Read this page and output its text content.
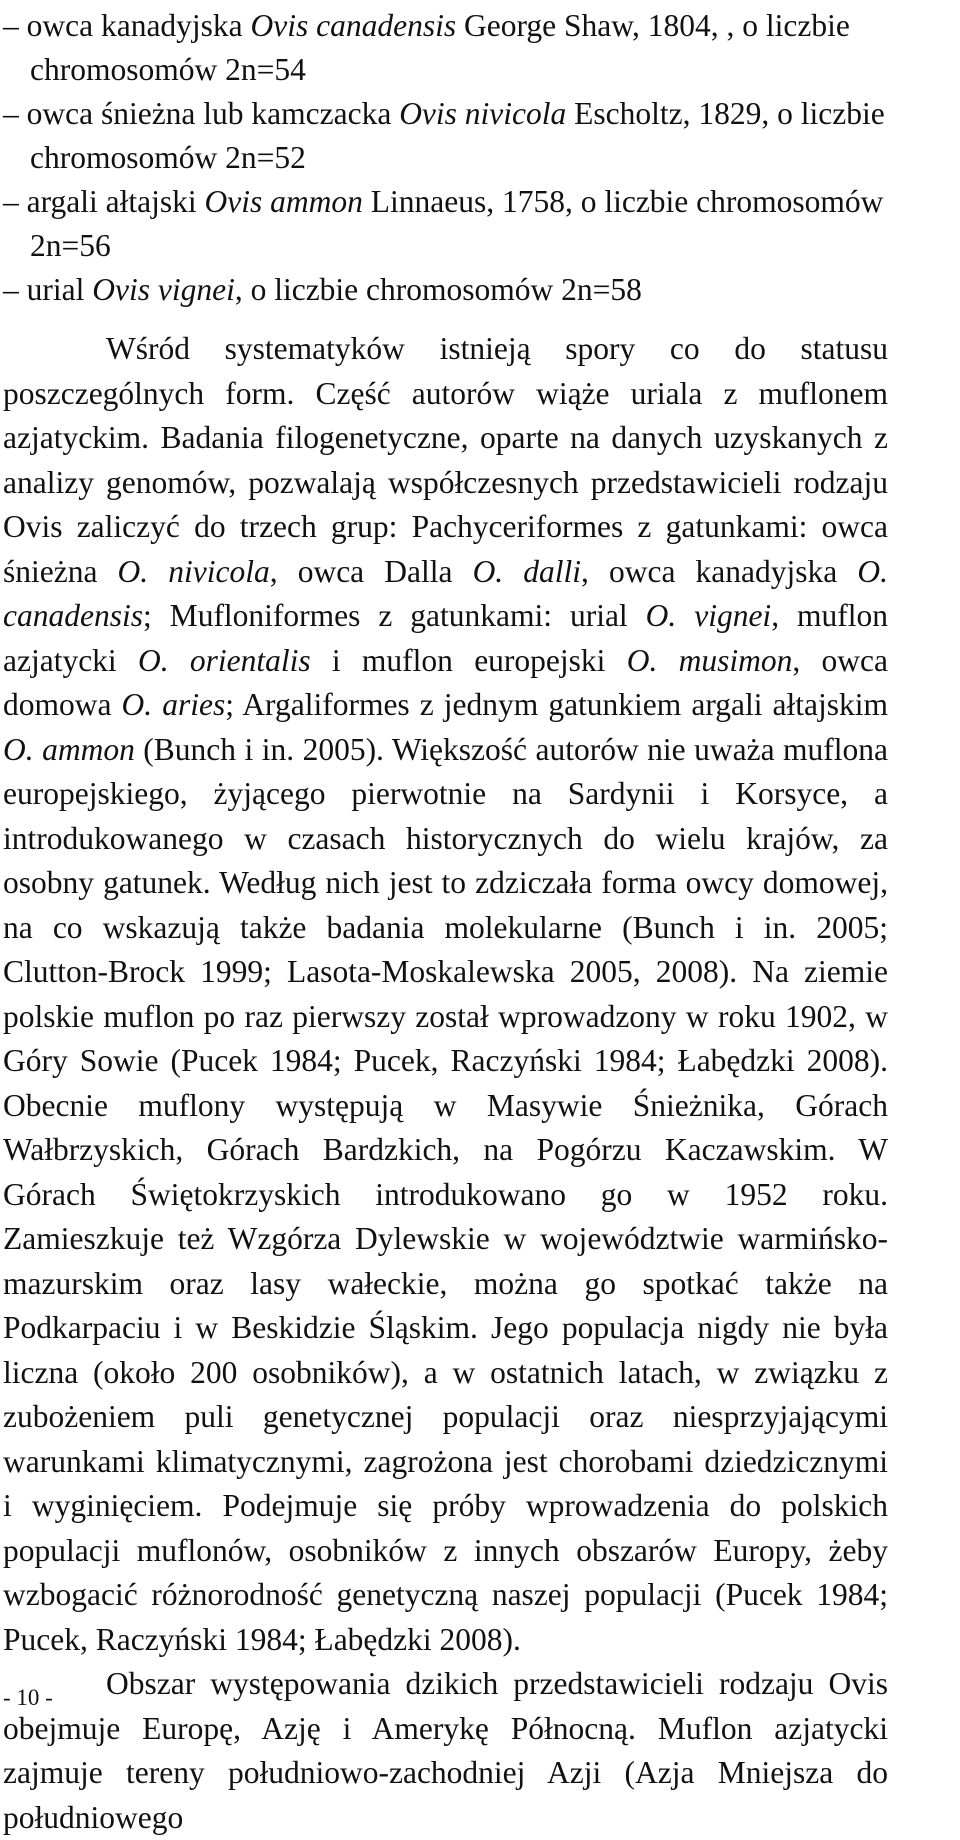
– owca kanadyjska Ovis canadensis George Shaw, 1804, , o liczbie chromosomów 2n=54
– owca śnieżna lub kamczacka Ovis nivicola Escholtz, 1829, o liczbie chromosomów 2n=52
– argali ałtajski Ovis ammon Linnaeus, 1758, o liczbie chromosomów 2n=56
– urial Ovis vignei, o liczbie chromosomów 2n=58

Wśród systematyków istnieją spory co do statusu poszczególnych form. Część autorów wiąże uriala z muflonem azjatyckim. Badania filogenetyczne, oparte na danych uzyskanych z analizy genomów, pozwalają współczesnych przedstawicieli rodzaju Ovis zaliczyć do trzech grup: Pachyceriformes z gatunkami: owca śnieżna O. nivicola, owca Dalla O. dalli, owca kanadyjska O. canadensis; Mufloniformes z gatunkami: urial O. vignei, muflon azjatycki O. orientalis i muflon europejski O. musimon, owca domowa O. aries; Argaliformes z jednym gatunkiem argali ałtajskim O. ammon (Bunch i in. 2005). Większość autorów nie uważa muflona europejskiego, żyjącego pierwotnie na Sardynii i Korsyce, a introdukowanego w czasach historycznych do wielu krajów, za osobny gatunek. Według nich jest to zdziczała forma owcy domowej, na co wskazują także badania molekularne (Bunch i in. 2005; Clutton-Brock 1999; Lasota-Moskalewska 2005, 2008). Na ziemie polskie muflon po raz pierwszy został wprowadzony w roku 1902, w Góry Sowie (Pucek 1984; Pucek, Raczyński 1984; Łabędzki 2008). Obecnie muflony występują w Masywie Śnieżnika, Górach Wałbrzyskich, Górach Bardzkich, na Pogórzu Kaczawskim. W Górach Świętokrzyskich introdukowano go w 1952 roku. Zamieszkuje też Wzgórza Dylewskie w województwie warmińsko-mazurskim oraz lasy wałeckie, można go spotkać także na Podkarpaciu i w Beskidzie Śląskim. Jego populacja nigdy nie była liczna (około 200 osobników), a w ostatnich latach, w związku z zubożeniem puli genetycznej populacji oraz niesprzyjającymi warunkami klimatycznymi, zagrożona jest chorobami dziedzicznymi i wyginięciem. Podejmuje się próby wprowadzenia do polskich populacji muflonów, osobników z innych obszarów Europy, żeby wzbogacić różnorodność genetyczną naszej populacji (Pucek 1984; Pucek, Raczyński 1984; Łabędzki 2008).

Obszar występowania dzikich przedstawicieli rodzaju Ovis obejmuje Europę, Azję i Amerykę Północną. Muflon azjatycki zajmuje tereny południowo-zachodniej Azji (Azja Mniejsza do południowego

- 10 -
